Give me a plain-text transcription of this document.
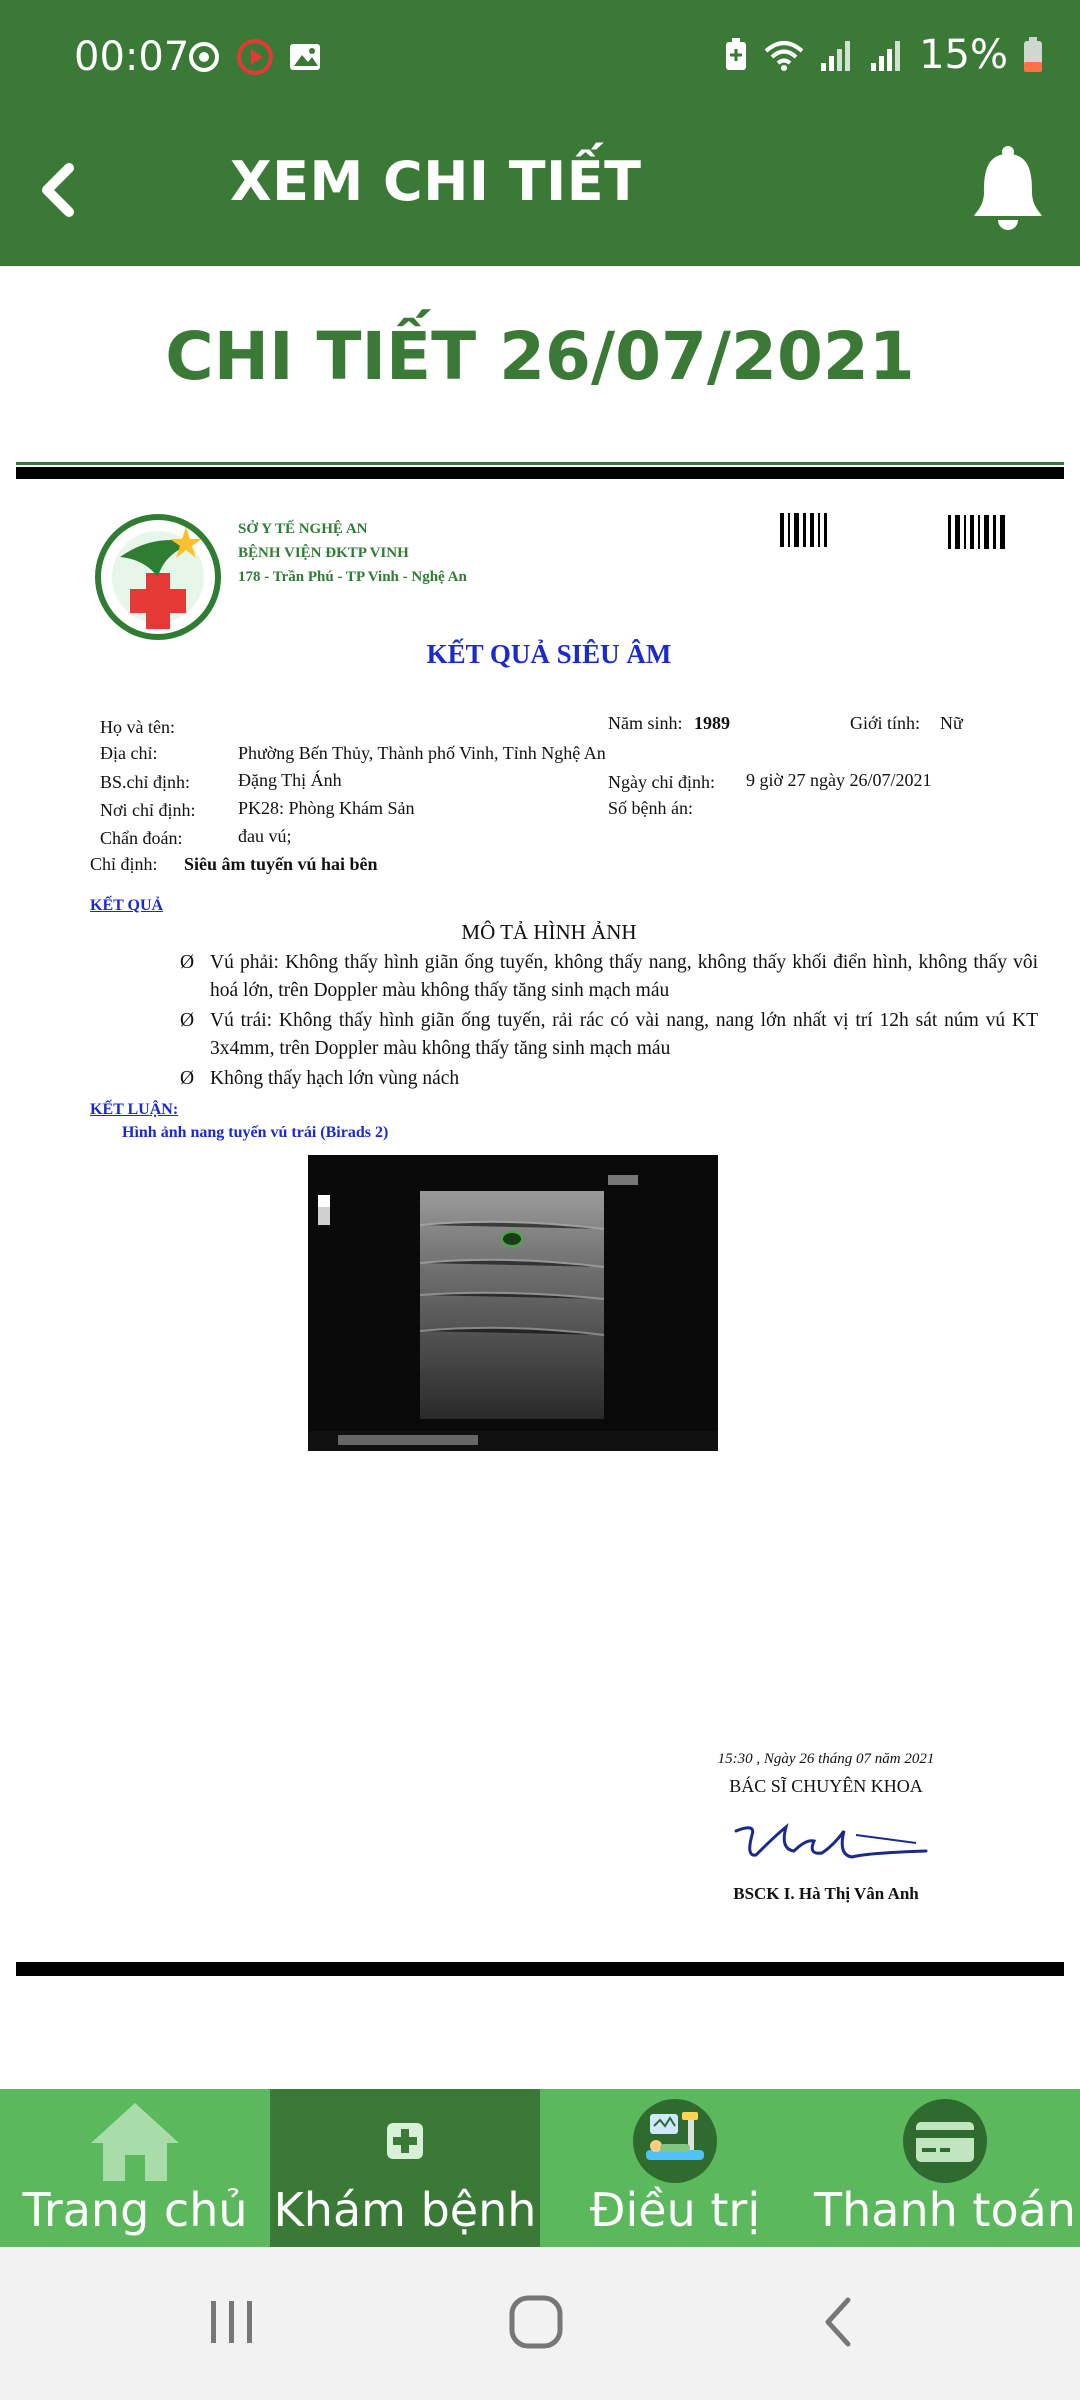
00:07	15%
XEM CHI TIẾT
CHI TIẾT 26/07/2021
SỞ Y TẾ NGHỆ AN
BỆNH VIỆN ĐKTP VINH
178 - Trần Phú - TP Vinh - Nghệ An
KẾT QUẢ SIÊU ÂM
Họ và tên:	Năm sinh: 1989	Giới tính: Nữ
Địa chỉ:	Phường Bến Thủy, Thành phố Vinh, Tỉnh Nghệ An
BS.chỉ định:	Đặng Thị Ánh	Ngày chỉ định: 9 giờ 27 ngày 26/07/2021
Nơi chỉ định: PK28: Phòng Khám Sản	Số bệnh án:
Chẩn đoán:	đau vú;
Chỉ định: Siêu âm tuyến vú hai bên
KẾT QUẢ
MÔ TẢ HÌNH ẢNH
Ø Vú phải: Không thấy hình giãn ống tuyến, không thấy nang, không thấy khối điển hình, không thấy vôi hoá lớn, trên Doppler màu không thấy tăng sinh mạch máu
Ø Vú trái: Không thấy hình giãn ống tuyến, rải rác có vài nang, nang lớn nhất vị trí 12h sát núm vú KT 3x4mm, trên Doppler màu không thấy tăng sinh mạch máu
Ø Không thấy hạch lớn vùng nách
KẾT LUẬN:
Hình ảnh nang tuyến vú trái (Birads 2)
15:30 , Ngày 26 tháng 07 năm 2021
BÁC SĨ CHUYÊN KHOA
BSCK I. Hà Thị Vân Anh
Trang chủ Khám bệnh	Điều trị	Thanh toán
